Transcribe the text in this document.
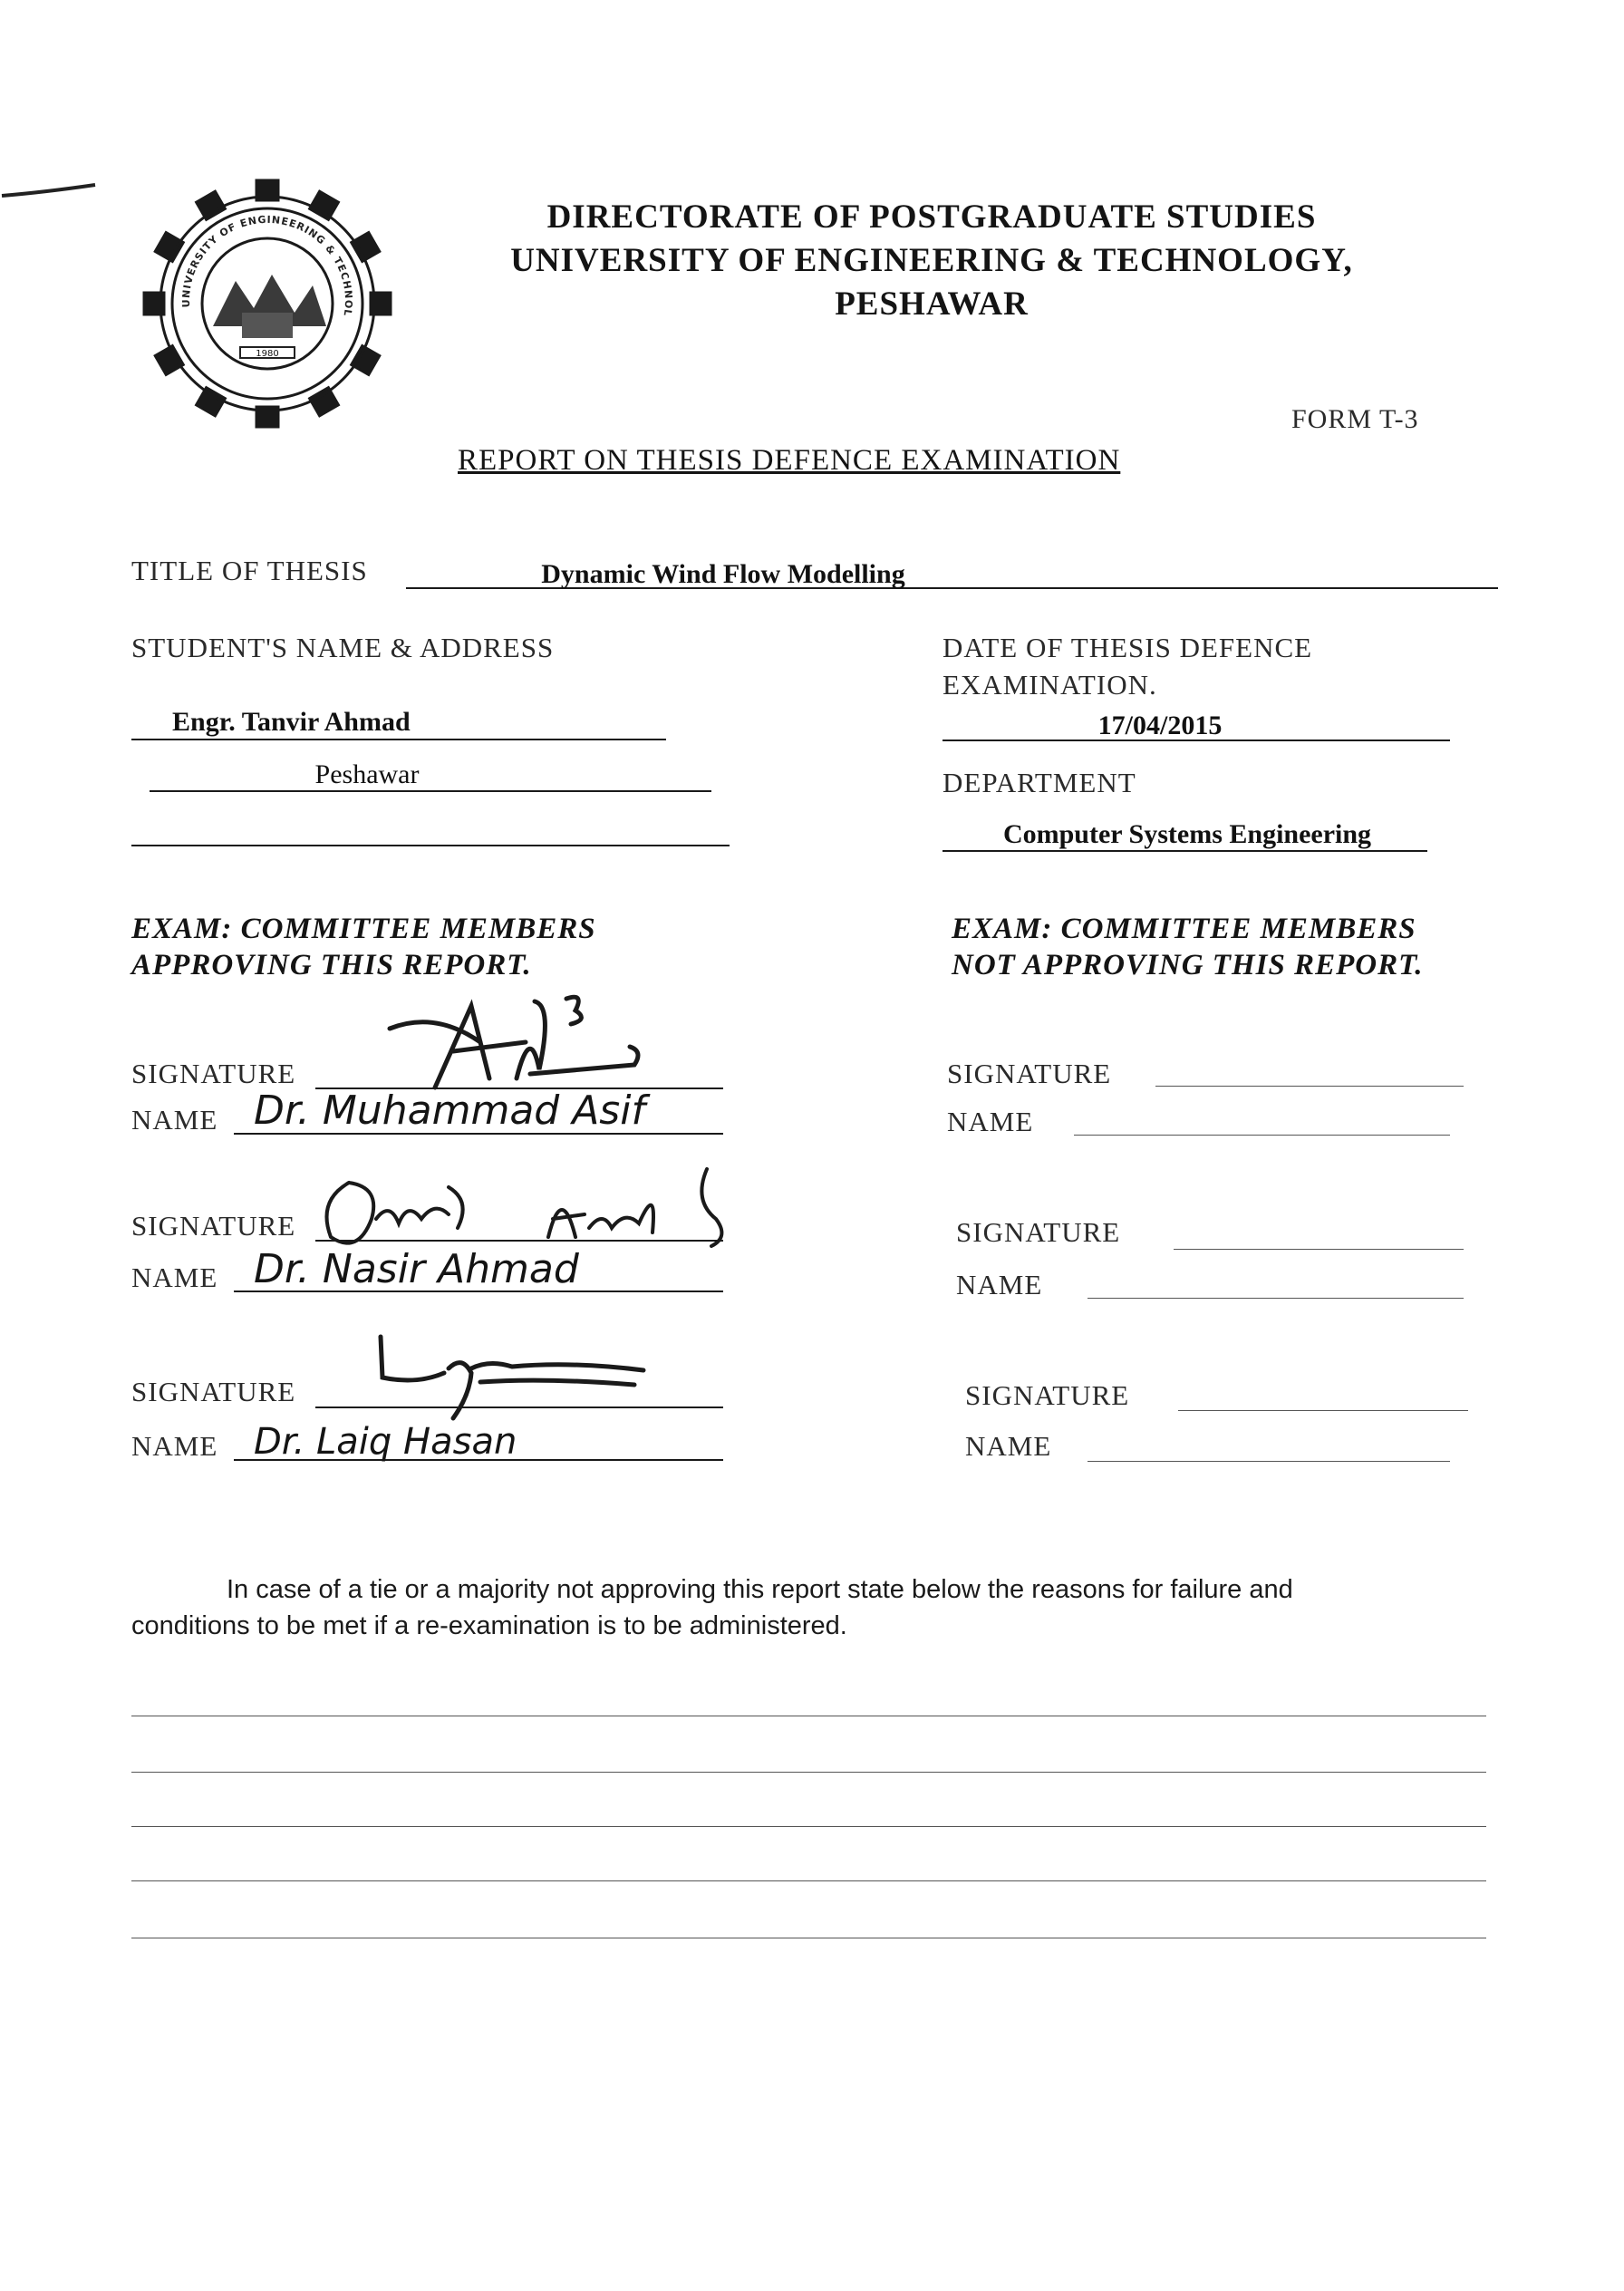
UNIVERSITY OF ENGINEERING & TECHNOL
1980
DIRECTORATE OF POSTGRADUATE STUDIES
UNIVERSITY OF ENGINEERING & TECHNOLOGY,
PESHAWAR
FORM T-3
REPORT ON THESIS DEFENCE EXAMINATION
TITLE OF THESIS	Dynamic Wind Flow Modelling
STUDENT'S NAME & ADDRESS
Engr. Tanvir Ahmad
Peshawar
DATE OF THESIS DEFENCE
EXAMINATION.
17/04/2015
DEPARTMENT
Computer Systems Engineering
EXAM: COMMITTEE MEMBERS
APPROVING THIS REPORT.
EXAM: COMMITTEE MEMBERS
NOT APPROVING THIS REPORT.
SIGNATURE
NAME Dr. Muhammad Asif
SIGNATURE
NAME Dr. Nasir Ahmad
SIGNATURE
NAME Dr. Laiq Hasan
SIGNATURE
NAME
SIGNATURE
NAME
SIGNATURE
NAME
In case of a tie or a majority not approving this report state below the reasons for failure and
conditions to be met if a re-examination is to be administered.
